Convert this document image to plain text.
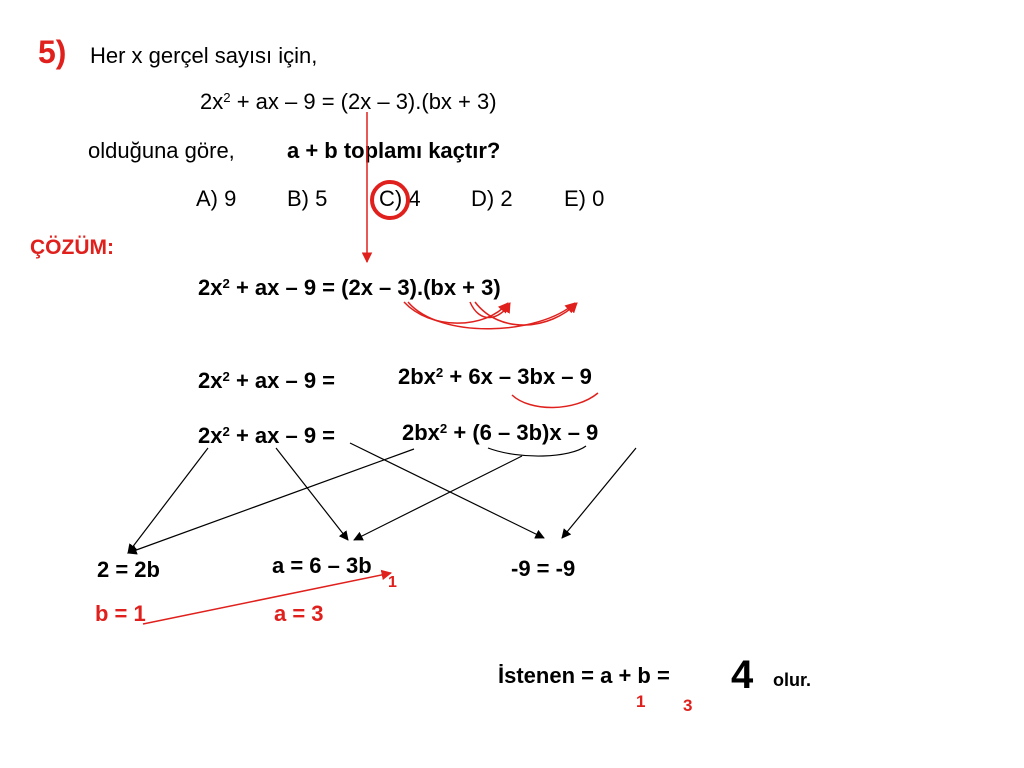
5) Her x gerçel sayısı için,
$2x^2$ + ax – 9 = (2x – 3).(bx + 3)
olduğuna göre, a + b toplamı kaçtır?
A) 9 B) 5 C) 4 D) 2 E) 0
ÇÖZÜM:
$2x^2$ + ax – 9 = (2x – 3).(bx + 3)
$2x^2$ + ax – 9 =	$2bx^2 + 6x - 3bx - 9$
$2x^2$ + ax – 9 =	$2bx^2 + (6 - 3b)x - 9$
2 = 2b	a = 6 – 3b	-9 = -9
1
b = 1	a = 3
İstenen = a + b = 4 olur.
1 3
